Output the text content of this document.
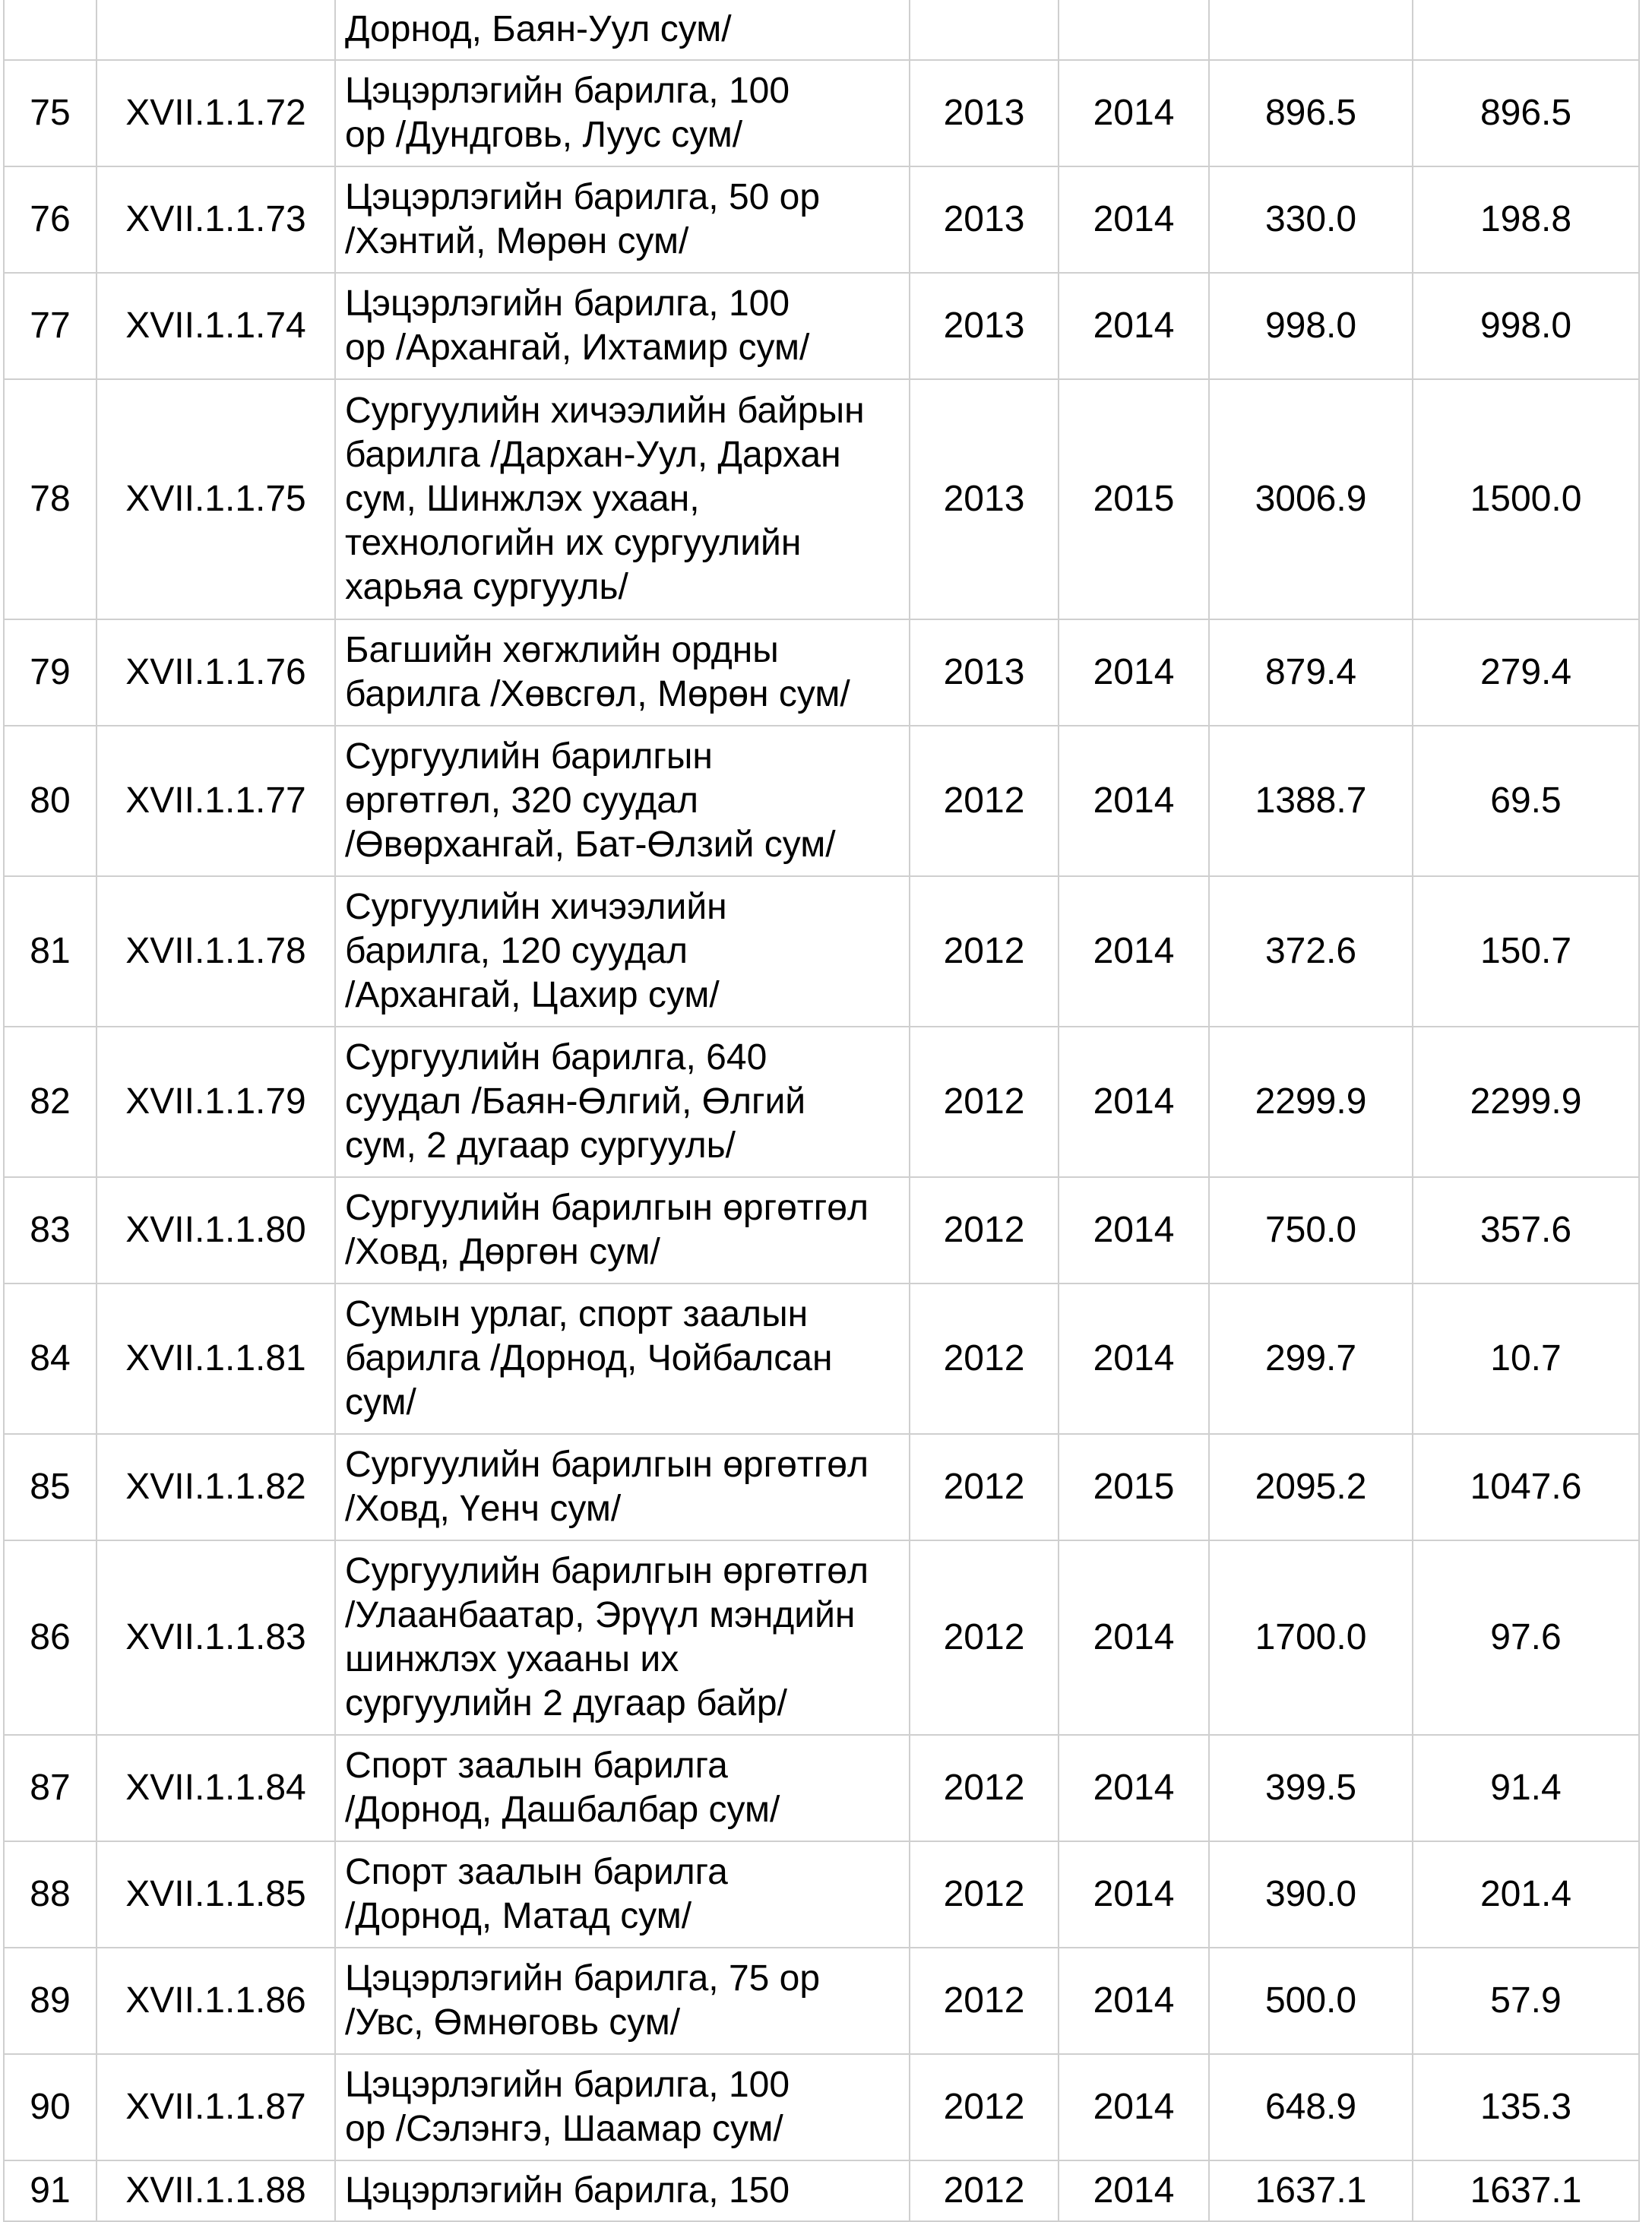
		Дорнод, Баян-Уул сум/				
75	XVII.1.1.72	Цэцэрлэгийн барилга, 100
ор /Дундговь, Луус сум/	2013	2014	896.5	896.5
76	XVII.1.1.73	Цэцэрлэгийн барилга, 50 ор
/Хэнтий, Мөрөн сум/	2013	2014	330.0	198.8
77	XVII.1.1.74	Цэцэрлэгийн барилга, 100
ор /Архангай, Ихтамир сум/	2013	2014	998.0	998.0
78	XVII.1.1.75	Сургуулийн хичээлийн байрын
барилга /Дархан-Уул, Дархан
сум, Шинжлэх ухаан,
технологийн их сургуулийн
харьяа сургууль/	2013	2015	3006.9	1500.0
79	XVII.1.1.76	Багшийн хөгжлийн ордны
барилга /Хөвсгөл, Мөрөн сум/	2013	2014	879.4	279.4
80	XVII.1.1.77	Сургуулийн барилгын
өргөтгөл, 320 суудал
/Өвөрхангай, Бат-Өлзий сум/	2012	2014	1388.7	69.5
81	XVII.1.1.78	Сургуулийн хичээлийн
барилга, 120 суудал
/Архангай, Цахир сум/	2012	2014	372.6	150.7
82	XVII.1.1.79	Сургуулийн барилга, 640
суудал /Баян-Өлгий, Өлгий
сум, 2 дугаар сургууль/	2012	2014	2299.9	2299.9
83	XVII.1.1.80	Сургуулийн барилгын өргөтгөл
/Ховд, Дөргөн сум/	2012	2014	750.0	357.6
84	XVII.1.1.81	Сумын урлаг, спорт заалын
барилга /Дорнод, Чойбалсан
сум/	2012	2014	299.7	10.7
85	XVII.1.1.82	Сургуулийн барилгын өргөтгөл
/Ховд, Үенч сум/	2012	2015	2095.2	1047.6
86	XVII.1.1.83	Сургуулийн барилгын өргөтгөл
/Улаанбаатар, Эрүүл мэндийн
шинжлэх ухааны их
сургуулийн 2 дугаар байр/	2012	2014	1700.0	97.6
87	XVII.1.1.84	Спорт заалын барилга
/Дорнод, Дашбалбар сум/	2012	2014	399.5	91.4
88	XVII.1.1.85	Спорт заалын барилга
/Дорнод, Матад сум/	2012	2014	390.0	201.4
89	XVII.1.1.86	Цэцэрлэгийн барилга, 75 ор
/Увс, Өмнөговь сум/	2012	2014	500.0	57.9
90	XVII.1.1.87	Цэцэрлэгийн барилга, 100
ор /Сэлэнгэ, Шаамар сум/	2012	2014	648.9	135.3
91	XVII.1.1.88	Цэцэрлэгийн барилга, 150	2012	2014	1637.1	1637.1
